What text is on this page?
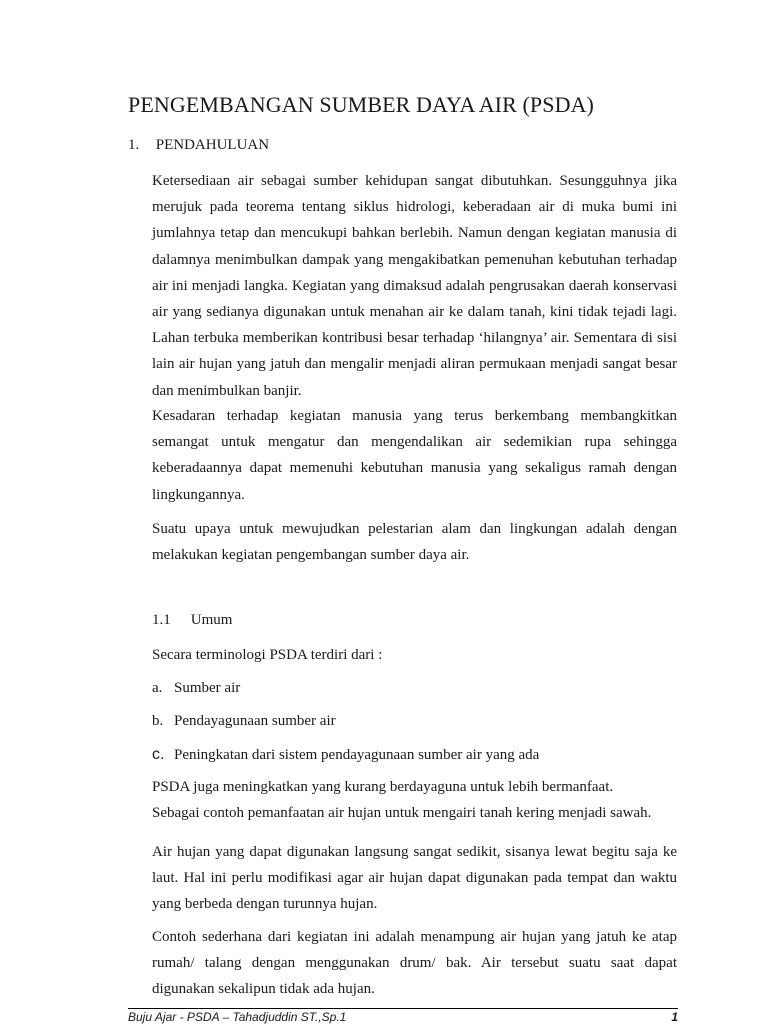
PENGEMBANGAN SUMBER DAYA AIR (PSDA)
1. PENDAHULUAN

Ketersediaan air sebagai sumber kehidupan sangat dibutuhkan. Sesungguhnya jika merujuk pada teorema tentang siklus hidrologi, keberadaan air di muka bumi ini jumlahnya tetap dan mencukupi bahkan berlebih. Namun dengan kegiatan manusia di dalamnya menimbulkan dampak yang mengakibatkan pemenuhan kebutuhan terhadap air ini menjadi langka. Kegiatan yang dimaksud adalah pengrusakan daerah konservasi air yang sedianya digunakan untuk menahan air ke dalam tanah, kini tidak tejadi lagi. Lahan terbuka memberikan kontribusi besar terhadap ‘hilangnya’ air. Sementara di sisi lain air hujan yang jatuh dan mengalir menjadi aliran permukaan menjadi sangat besar dan menimbulkan banjir.

Kesadaran terhadap kegiatan manusia yang terus berkembang membangkitkan semangat untuk mengatur dan mengendalikan air sedemikian rupa sehingga keberadaannya dapat memenuhi kebutuhan manusia yang sekaligus ramah dengan lingkungannya.

Suatu upaya untuk mewujudkan pelestarian alam dan lingkungan adalah dengan melakukan kegiatan pengembangan sumber daya air.

1.1 Umum
Secara terminologi PSDA terdiri dari :
a. Sumber air
b. Pendayagunaan sumber air
c. Peningkatan dari sistem pendayagunaan sumber air yang ada
PSDA juga meningkatkan yang kurang berdayaguna untuk lebih bermanfaat.
Sebagai contoh pemanfaatan air hujan untuk mengairi tanah kering menjadi sawah.

Air hujan yang dapat digunakan langsung sangat sedikit, sisanya lewat begitu saja ke laut. Hal ini perlu modifikasi agar air hujan dapat digunakan pada tempat dan waktu yang berbeda dengan turunnya hujan.

Contoh sederhana dari kegiatan ini adalah menampung air hujan yang jatuh ke atap rumah/ talang dengan menggunakan drum/ bak. Air tersebut suatu saat dapat digunakan sekalipun tidak ada hujan.

Buju Ajar - PSDA – Tahadjuddin ST.,Sp.1	1
